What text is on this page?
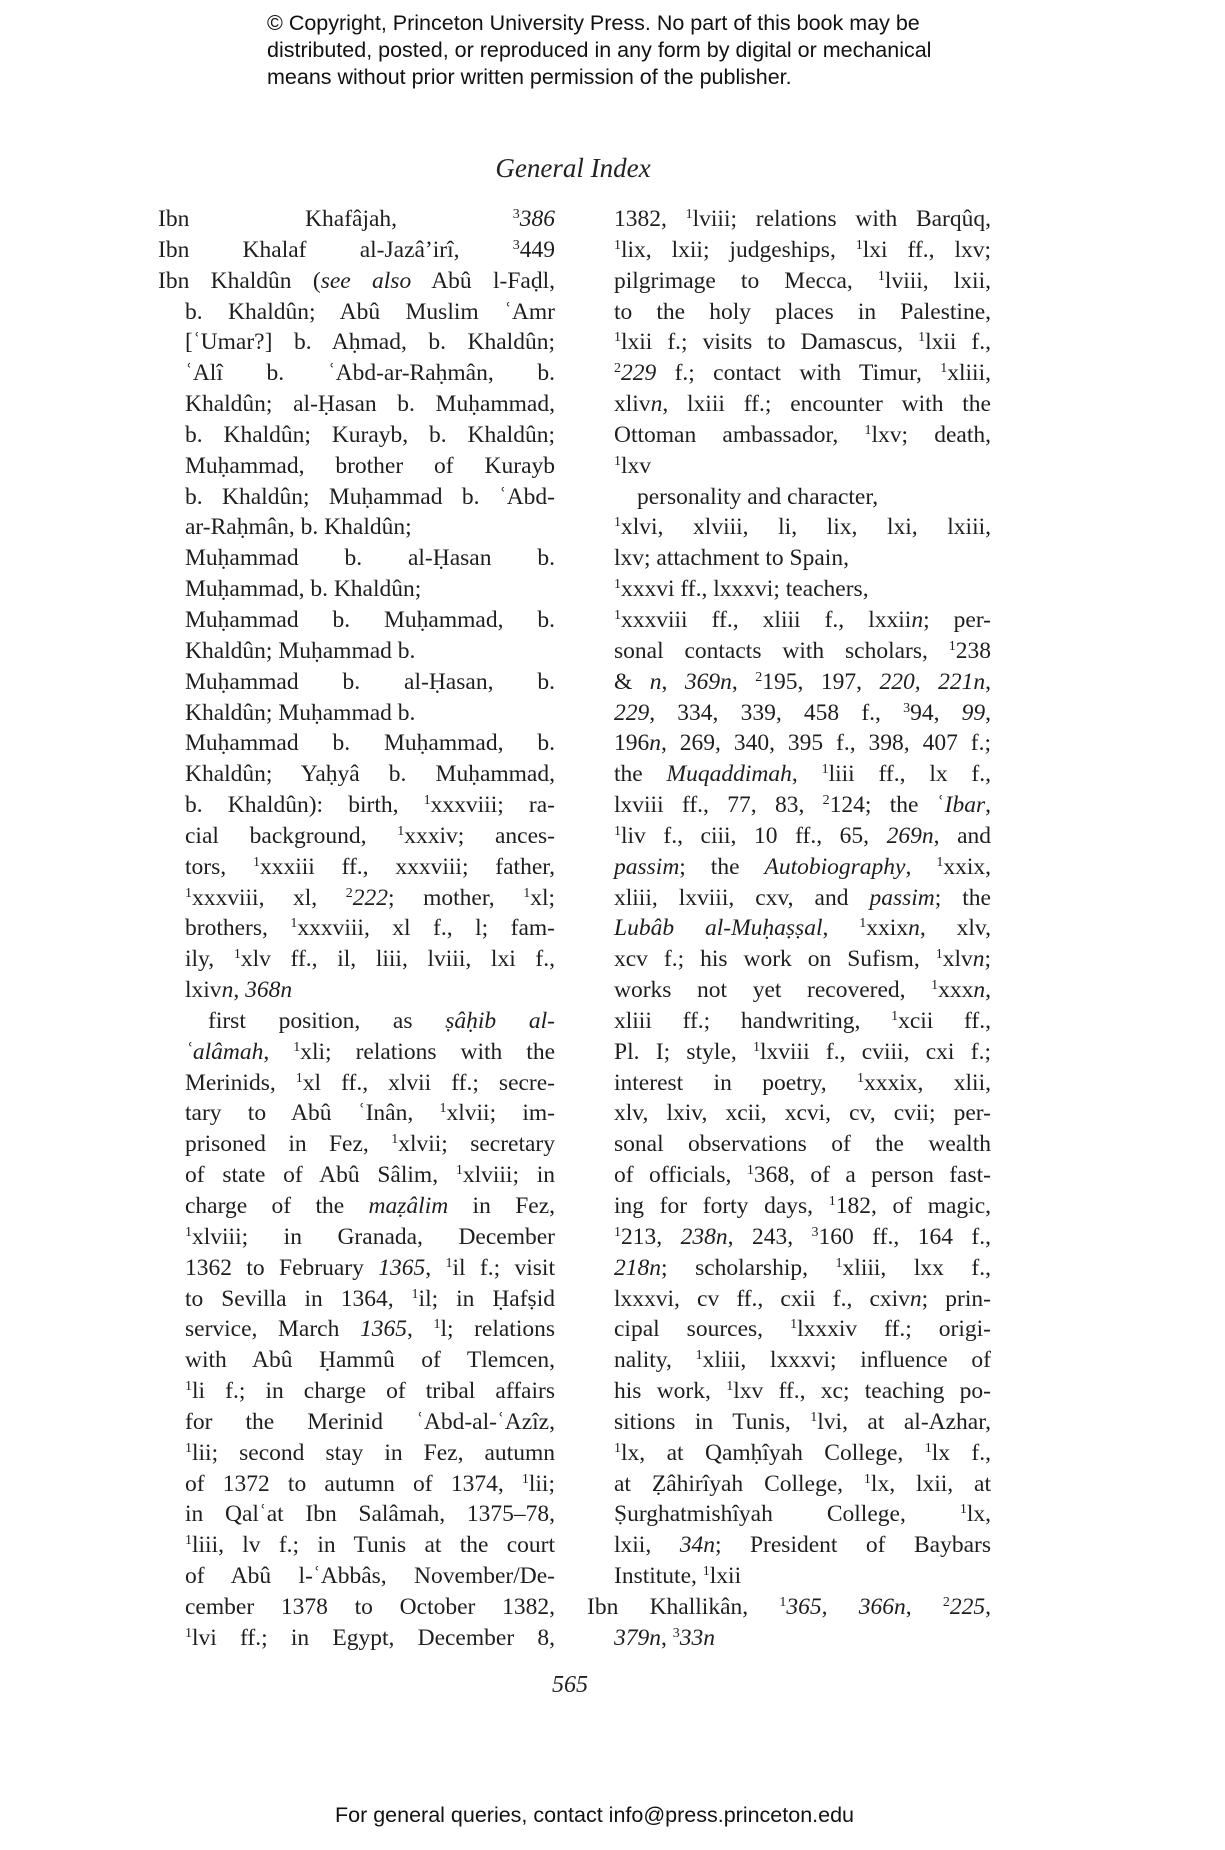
© Copyright, Princeton University Press. No part of this book may be
distributed, posted, or reproduced in any form by digital or mechanical
means without prior written permission of the publisher.
General Index
Ibn Khafâjah, $^3$386
Ibn Khalaf al-Jazâ’irî, $^3$449
Ibn Khaldûn (see also Abû l-Faḍl,
b. Khaldûn; Abû Muslim ʿAmr
[ʿUmar?] b. Aḥmad, b. Khaldûn;
ʿAlî b. ʿAbd-ar-Raḥmân, b.
Khaldûn; al-Ḥasan b. Muḥammad,
b. Khaldûn; Kurayb, b. Khaldûn;
Muḥammad, brother of Kurayb
b. Khaldûn; Muḥammad b. ʿAbd-
ar-Raḥmân, b. Khaldûn;
Muḥammad b. al-Ḥasan b.
Muḥammad, b. Khaldûn;
Muḥammad b. Muḥammad, b.
Khaldûn; Muḥammad b.
Muḥammad b. al-Ḥasan, b.
Khaldûn; Muḥammad b.
Muḥammad b. Muḥammad, b.
Khaldûn; Yaḥyâ b. Muḥammad,
b. Khaldûn): birth, $^1$xxxviii; ra-
cial background, $^1$xxxiv; ances-
tors, $^1$xxxiii ff., xxxviii; father,
$^1$xxxviii, xl, $^2$222; mother, $^1$xl;
brothers, $^1$xxxviii, xl f., l; fam-
ily, $^1$xlv ff., il, liii, lviii, lxi f.,
lxivn, 368n
first position, as ṣâḥib al-
ʿalâmah, $^1$xli; relations with the
Merinids, $^1$xl ff., xlvii ff.; secre-
tary to Abû ʿInân, $^1$xlvii; im-
prisoned in Fez, $^1$xlvii; secretary
of state of Abû Sâlim, $^1$xlviii; in
charge of the maẓâlim in Fez,
$^1$xlviii; in Granada, December
1362 to February 1365, $^1$il f.; visit
to Sevilla in 1364, $^1$il; in Ḥafṣid
service, March 1365, $^1$l; relations
with Abû Ḥammû of Tlemcen,
$^1$li f.; in charge of tribal affairs
for the Merinid ʿAbd-al-ʿAzîz,
$^1$lii; second stay in Fez, autumn
of 1372 to autumn of 1374, $^1$lii;
in Qalʿat Ibn Salâmah, 1375–78,
$^1$liii, lv f.; in Tunis at the court
of Abû l-ʿAbbâs, November/De-
cember 1378 to October 1382,
$^1$lvi ff.; in Egypt, December 8,
1382, $^1$lviii; relations with Barqûq,
$^1$lix, lxii; judgeships, $^1$lxi ff., lxv;
pilgrimage to Mecca, $^1$lviii, lxii,
to the holy places in Palestine,
$^1$lxii f.; visits to Damascus, $^1$lxii f.,
$^2$229 f.; contact with Timur, $^1$xliii,
xlivn, lxiii ff.; encounter with the
Ottoman ambassador, $^1$lxv; death,
$^1$lxv
personality and character,
$^1$xlvi, xlviii, li, lix, lxi, lxiii,
lxv; attachment to Spain,
$^1$xxxvi ff., lxxxvi; teachers,
$^1$xxxviii ff., xliii f., lxxiin; per-
sonal contacts with scholars, $^1$238
& n, 369n, $^2$195, 197, 220, 221n,
229, 334, 339, 458 f., $^3$94, 99,
196n, 269, 340, 395 f., 398, 407 f.;
the Muqaddimah, $^1$liii ff., lx f.,
lxviii ff., 77, 83, $^2$124; the ʿIbar,
$^1$liv f., ciii, 10 ff., 65, 269n, and
passim; the Autobiography, $^1$xxix,
xliii, lxviii, cxv, and passim; the
Lubâb al-Muḥaṣṣal, $^1$xxixn, xlv,
xcv f.; his work on Sufism, $^1$xlvn;
works not yet recovered, $^1$xxxn,
xliii ff.; handwriting, $^1$xcii ff.,
Pl. I; style, $^1$lxviii f., cviii, cxi f.;
interest in poetry, $^1$xxxix, xlii,
xlv, lxiv, xcii, xcvi, cv, cvii; per-
sonal observations of the wealth
of officials, $^1$368, of a person fast-
ing for forty days, $^1$182, of magic,
$^1$213, 238n, 243, $^3$160 ff., 164 f.,
218n; scholarship, $^1$xliii, lxx f.,
lxxxvi, cv ff., cxii f., cxivn; prin-
cipal sources, $^1$lxxxiv ff.; origi-
nality, $^1$xliii, lxxxvi; influence of
his work, $^1$lxv ff., xc; teaching po-
sitions in Tunis, $^1$lvi, at al-Azhar,
$^1$lx, at Qamḥîyah College, $^1$lx f.,
at Ẓâhirîyah College, $^1$lx, lxii, at
Ṣurghatmishîyah College, $^1$lx,
lxii, 34n; President of Baybars
Institute, $^1$lxii
Ibn Khallikân, $^1$365, 366n, $^2$225,
379n, $^3$33n
565
For general queries, contact info@press.princeton.edu
